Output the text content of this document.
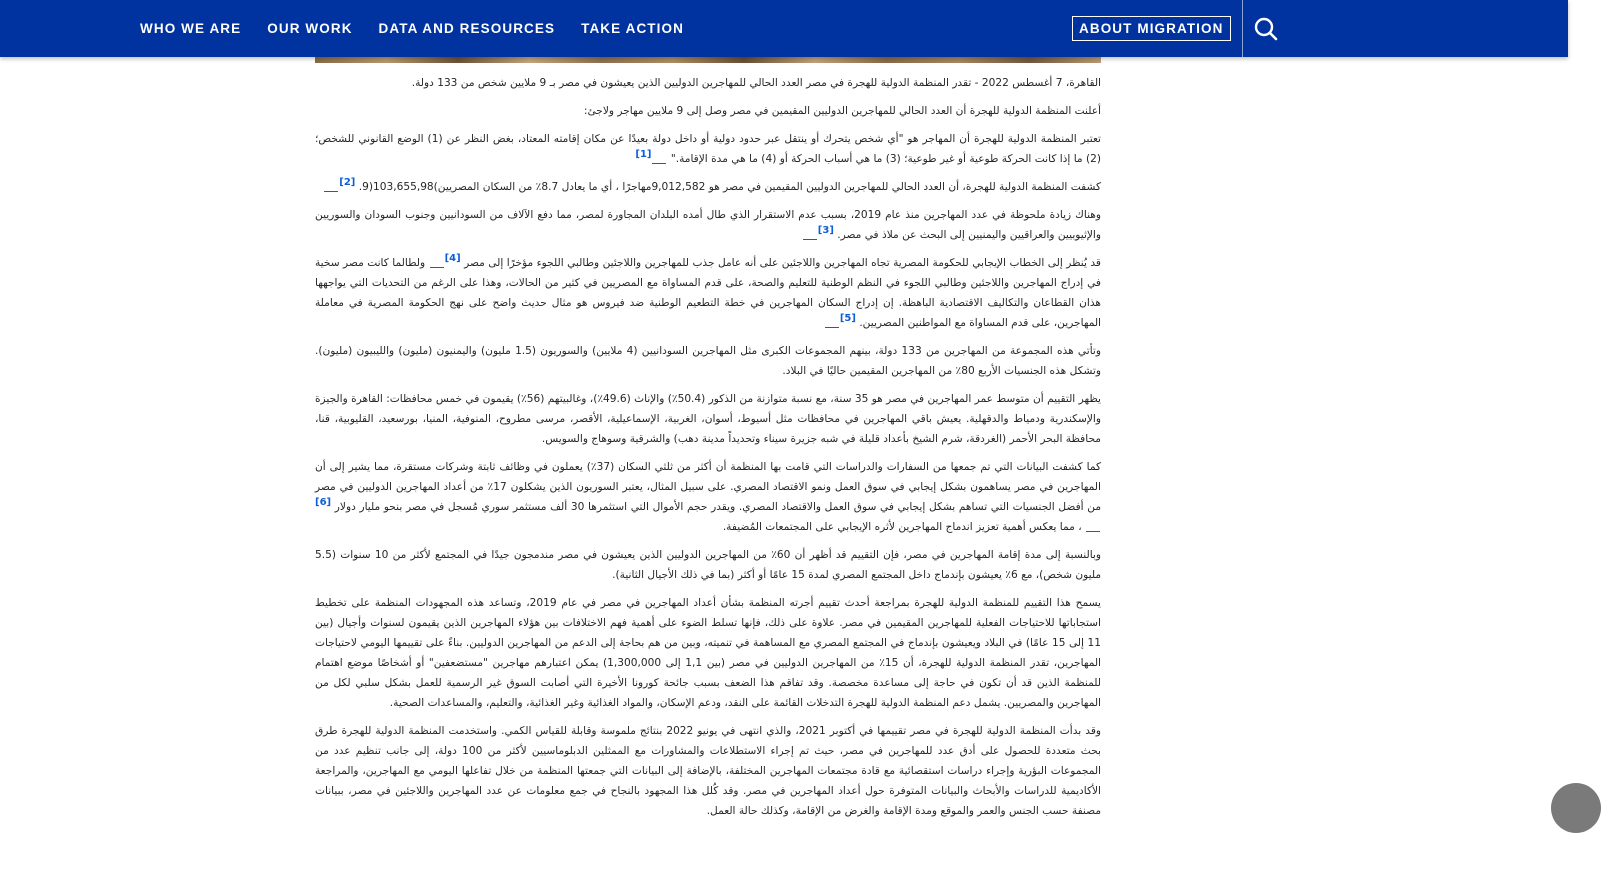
WHO WE ARE OUR WORK DATA AND RESOURCES TAKE ACTION	ABOUT MIGRATION

القاهرة، 7 أغسطس 2022 - تقدر المنظمة الدولية للهجرة في مصر العدد الحالي للمهاجرين الدوليين الذين يعيشون في مصر بـ 9 ملايين شخص من 133 دولة.

أعلنت المنظمة الدولية للهجرة أن العدد الحالي للمهاجرين الدوليين المقيمين في مصر وصل إلى 9 ملايين مهاجر ولاجئ:

تعتبر المنظمة الدولية للهجرة أن المهاجر هو "أي شخص يتحرك أو ينتقل عبر حدود دولية أو داخل دولة بعيدًا عن مكان إقامته المعتاد، بغض النظر عن (1) الوضع القانوني للشخص؛ (2) ما إذا كانت الحركة طوعية أو غير طوعية؛ (3) ما هي أسباب الحركة أو (4) ما هي مدة الإقامة." [1]

كشفت المنظمة الدولية للهجرة، أن العدد الحالي للمهاجرين الدوليين المقيمين في مصر هو 9,012,582مهاجرًا ، أي ما يعادل 8.7٪ من السكان المصريين)103,655,98(9. [2]

وهناك زيادة ملحوظة في عدد المهاجرين منذ عام 2019، بسبب عدم الاستقرار الذي طال أمده البلدان المجاورة لمصر، مما دفع الآلاف من السودانيين وجنوب السودان والسوريين والإثيوبيين والعراقيين واليمنيين إلى البحث عن ملاذ في مصر. [3]

قد يُنظر إلى الخطاب الإيجابي للحكومة المصرية تجاه المهاجرين واللاجئين على أنه عامل جذب للمهاجرين واللاجئين وطالبي اللجوء مؤخرًا إلى مصر [4] ولطالما كانت مصر سخية في إدراج المهاجرين واللاجئين وطالبي اللجوء في النظم الوطنية للتعليم والصحة، على قدم المساواة مع المصريين في كثير من الحالات، وهذا على الرغم من التحديات التي يواجهها هذان القطاعان والتكاليف الاقتصادية الباهظة. إن إدراج السكان المهاجرين في خطة التطعيم الوطنية ضد فيروس هو مثال حديث واضح على نهج الحكومة المصرية في معاملة المهاجرين، على قدم المساواة مع المواطنين المصريين. [5]

وتأتي هذه المجموعة من المهاجرين من 133 دولة، بينهم المجموعات الكبرى مثل المهاجرين السودانيين (4 ملايين) والسوريون (1.5 مليون) واليمنيون (مليون) والليبيون (مليون). وتشكل هذه الجنسيات الأربع 80٪ من المهاجرين المقيمين حاليًا في البلاد.

يظهر التقييم أن متوسط عمر المهاجرين في مصر هو 35 سنة، مع نسبة متوازنة من الذكور (50.4٪) والإناث (49.6٪)، وغالبيتهم (56٪) يقيمون في خمس محافظات: القاهرة والجيزة والإسكندرية ودمياط والدقهلية. يعيش باقي المهاجرين في محافظات مثل أسيوط، أسوان، الغربية، الإسماعيلية، الأقصر، مرسى مطروح، المنوفية، المنيا، بورسعيد، القليوبية، قنا، محافظة البحر الأحمر (الغردقة، شرم الشيخ بأعداد قليلة في شبه جزيرة سيناء وتحديداً مدينة دهب) والشرقية وسوهاج والسويس.

كما كشفت البيانات التي تم جمعها من السفارات والدراسات التي قامت بها المنظمة أن أكثر من ثلثي السكان (37٪) يعملون في وظائف ثابتة وشركات مستقرة، مما يشير إلى أن المهاجرين في مصر يساهمون بشكل إيجابي في سوق العمل ونمو الاقتصاد المصري. على سبيل المثال، يعتبر السوريون الذين يشكلون 17٪ من أعداد المهاجرين الدوليين في مصر من أفضل الجنسيات التي تساهم بشكل إيجابي في سوق العمل والاقتصاد المصري. ويقدر حجم الأموال التي استثمرها 30 ألف مستثمر سوري مُسجل في مصر بنحو مليار دولار [6] ، مما يعكس أهمية تعزيز اندماج المهاجرين لأثره الإيجابي على المجتمعات المُضيفة.

وبالنسبة إلى مدة إقامة المهاجرين في مصر، فإن التقييم قد أظهر أن 60٪ من المهاجرين الدوليين الذين يعيشون في مصر مندمجون جيدًا في المجتمع لأكثر من 10 سنوات (5.5 مليون شخص)، مع 6٪ يعيشون بإندماج داخل المجتمع المصري لمدة 15 عامًا أو أكثر (بما في ذلك الأجيال الثانية).

يسمح هذا التقييم للمنظمة الدولية للهجرة بمراجعة أحدث تقييم أجرته المنظمة بشأن أعداد المهاجرين في مصر في عام 2019، وتساعد هذه المجهودات المنظمة على تخطيط استجاباتها للاحتياجات الفعلية للمهاجرين المقيمين في مصر. علاوة على ذلك، فإنها تسلط الضوء على أهمية فهم الاختلافات بين هؤلاء المهاجرين الذين يقيمون لسنوات وأجيال (بين 11 إلى 15 عامًا) في البلاد ويعيشون بإندماج في المجتمع المصري مع المساهمة في تنميته، وبين من هم بحاجة إلى الدعم من المهاجرين الدوليين. بناءً على تقييمها اليومي لاحتياجات المهاجرين، تقدر المنظمة الدولية للهجرة، أن 15٪ من المهاجرين الدوليين في مصر (بين 1,1 إلى 1,300,000) يمكن اعتبارهم مهاجرين "مستضعفين" أو أشخاصًا موضع اهتمام للمنظمة الذين قد أن تكون في حاجة إلى مساعدة مخصصة. وقد تفاقم هذا الضعف بسبب جائحة كورونا الأخيرة التي أصابت السوق غير الرسمية للعمل بشكل سلبي لكل من المهاجرين والمصريين. يشمل دعم المنظمة الدولية للهجرة التدخلات القائمة على النقد، ودعم الإسكان، والمواد الغذائية وغير الغذائية، والتعليم، والمساعدات الصحية.

وقد بدأت المنظمة الدولية للهجرة في مصر تقييمها في أكتوبر 2021، والذي انتهى في يونيو 2022 بنتائج ملموسة وقابلة للقياس الكمي. واستخدمت المنظمة الدولية للهجرة طرق بحث متعددة للحصول على أدق عدد للمهاجرين في مصر، حيث تم إجراء الاستطلاعات والمشاورات مع الممثلين الدبلوماسيين لأكثر من 100 دولة، إلى جانب تنظيم عدد من المجموعات البؤرية وإجراء دراسات استقصائية مع قادة مجتمعات المهاجرين المختلفة، بالإضافة إلى البيانات التي جمعتها المنظمة من خلال تفاعلها اليومي مع المهاجرين، والمراجعة الأكاديمية للدراسات والأبحاث والبيانات المتوفرة حول أعداد المهاجرين في مصر. وقد كُلل هذا المجهود بالنجاح في جمع معلومات عن عدد المهاجرين واللاجئين في مصر، ببيانات مصنفة حسب الجنس والعمر والموقع ومدة الإقامة والغرض من الإقامة، وكذلك حالة العمل.
